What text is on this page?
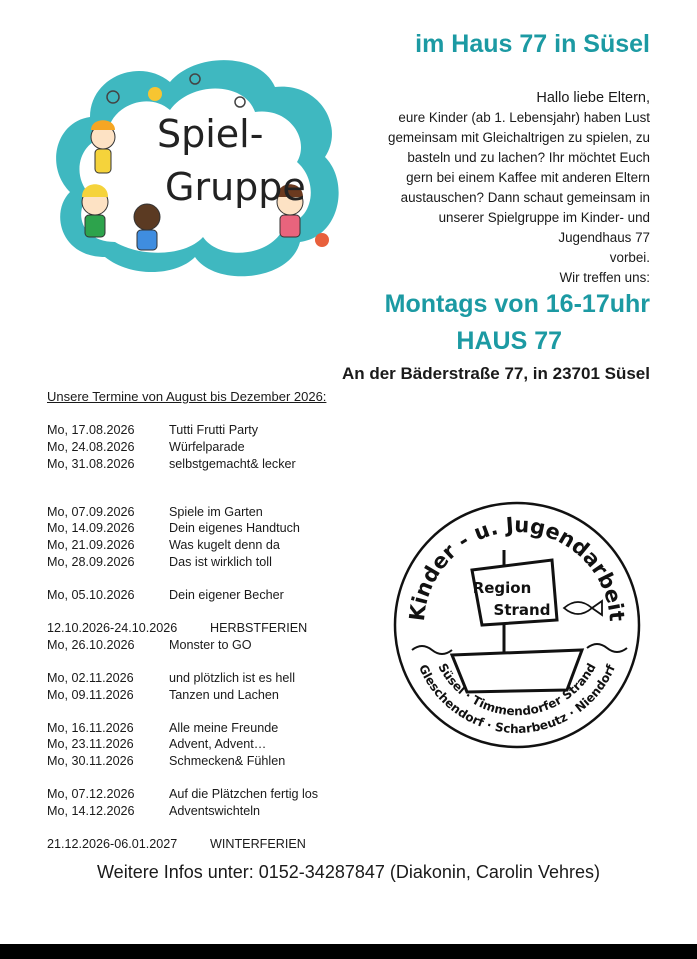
Spiel-
Gruppe
im Haus 77 in Süsel
Hallo liebe Eltern,
eure Kinder (ab 1. Lebensjahr) haben Lust
gemeinsam mit Gleichaltrigen zu spielen, zu
basteln und zu lachen? Ihr möchtet Euch
gern bei einem Kaffee mit anderen Eltern
austauschen? Dann schaut gemeinsam in
unserer Spielgruppe im Kinder- und
Jugendhaus 77
vorbei.
Wir treffen uns:
Montags von 16-17uhr
HAUS 77
An der Bäderstraße 77, in 23701 Süsel
Unsere Termine von August bis Dezember 2026:
Mo, 17.08.2026	Tutti Frutti Party
Mo, 24.08.2026	Würfelparade
Mo, 31.08.2026	selbstgemacht& lecker
Mo, 07.09.2026	Spiele im Garten
Mo, 14.09.2026	Dein eigenes Handtuch
Mo, 21.09.2026	Was kugelt denn da
Mo, 28.09.2026	Das ist wirklich toll
Mo, 05.10.2026	Dein eigener Becher
12.10.2026-24.10.2026	HERBSTFERIEN
Mo, 26.10.2026	Monster to GO
Mo, 02.11.2026	und plötzlich ist es hell
Mo, 09.11.2026	Tanzen und Lachen
Mo, 16.11.2026	Alle meine Freunde
Mo, 23.11.2026	Advent, Advent…
Mo, 30.11.2026	Schmecken& Fühlen
Mo, 07.12.2026	Auf die Plätzchen fertig los
Mo, 14.12.2026	Adventswichteln
21.12.2026-06.01.2027	WINTERFERIEN
Kinder - u. Jugendarbeit
Region
Strand
Süsel · Timmendorfer Strand
Gleschendorf · Scharbeutz · Niendorf
Weitere Infos unter: 0152-34287847 (Diakonin, Carolin Vehres)
